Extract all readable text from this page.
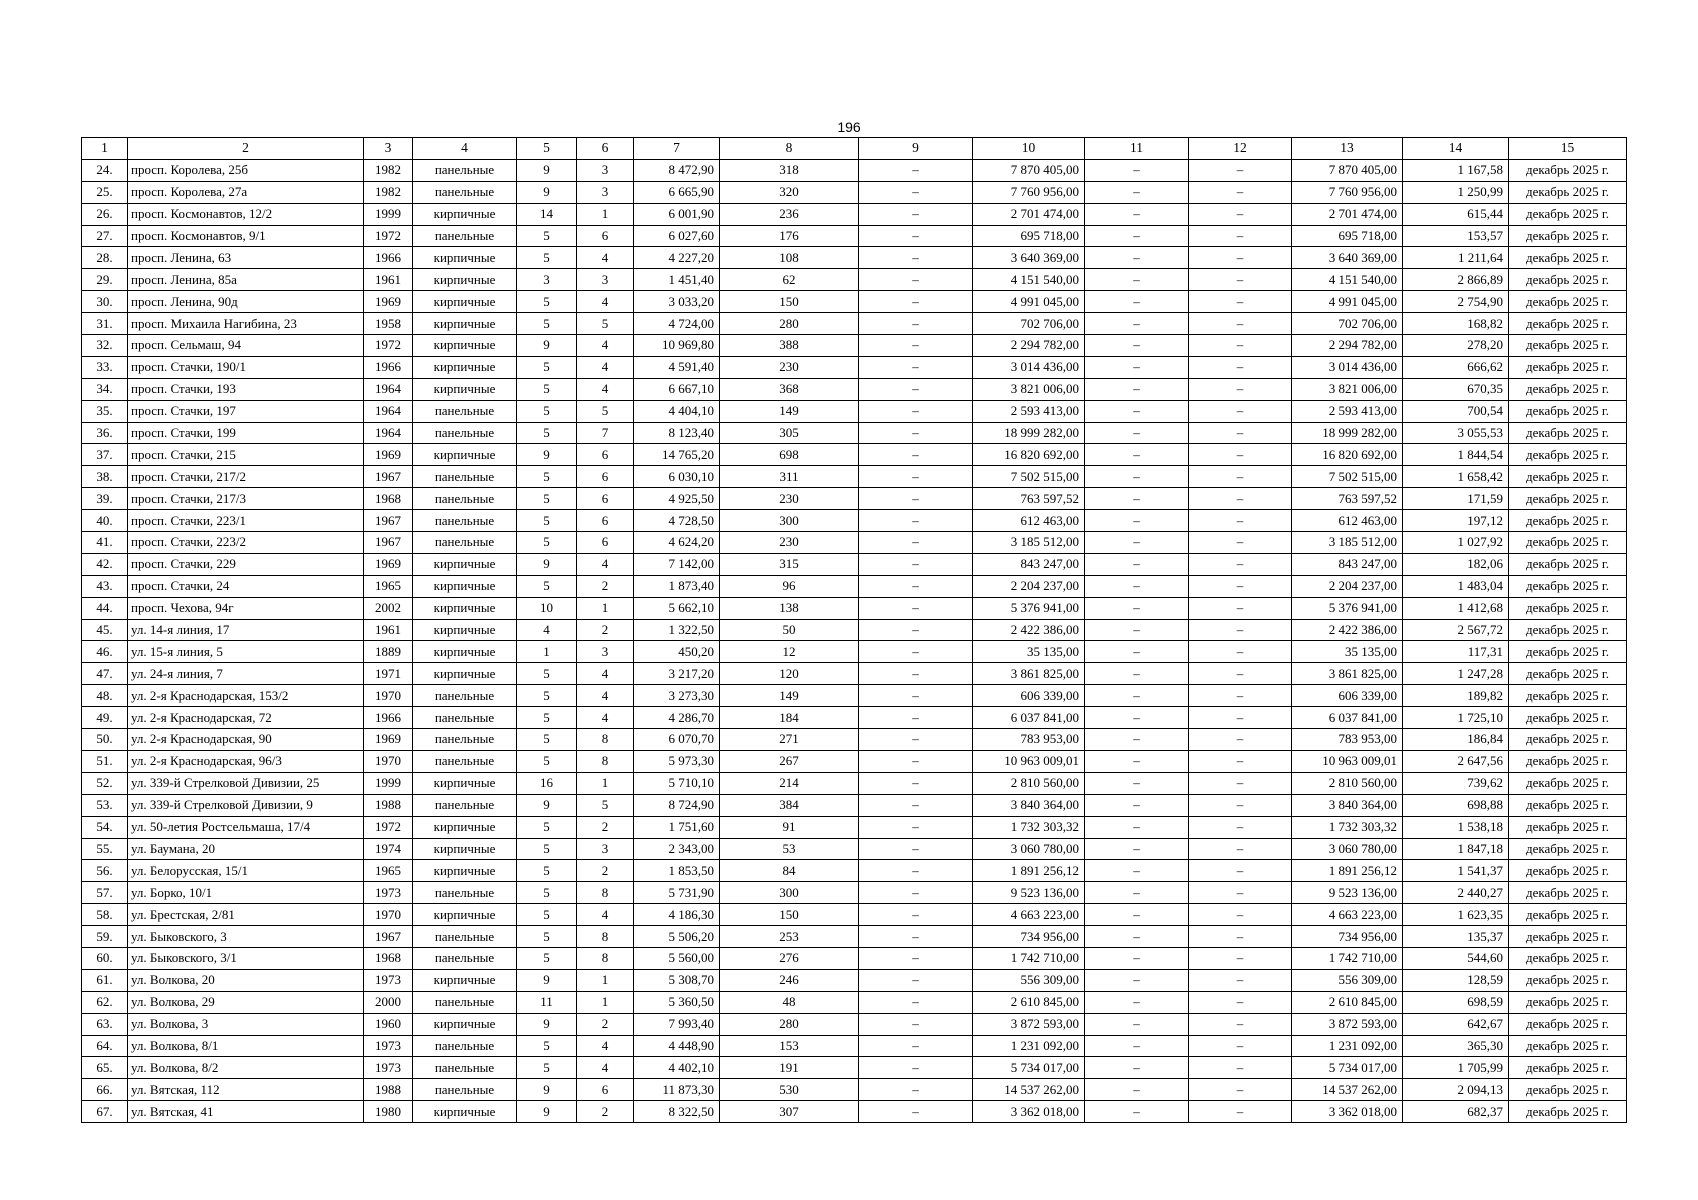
196
1	2	3	4	5	6	7	8	9	10	11	12	13	14	15
24.	просп. Королева, 25б	1982	панельные	9	3	8 472,90	318	–	7 870 405,00	–	–	7 870 405,00	1 167,58	декабрь 2025 г.
25.	просп. Королева, 27а	1982	панельные	9	3	6 665,90	320	–	7 760 956,00	–	–	7 760 956,00	1 250,99	декабрь 2025 г.
26.	просп. Космонавтов, 12/2	1999	кирпичные	14	1	6 001,90	236	–	2 701 474,00	–	–	2 701 474,00	615,44	декабрь 2025 г.
27.	просп. Космонавтов, 9/1	1972	панельные	5	6	6 027,60	176	–	695 718,00	–	–	695 718,00	153,57	декабрь 2025 г.
28.	просп. Ленина, 63	1966	кирпичные	5	4	4 227,20	108	–	3 640 369,00	–	–	3 640 369,00	1 211,64	декабрь 2025 г.
29.	просп. Ленина, 85а	1961	кирпичные	3	3	1 451,40	62	–	4 151 540,00	–	–	4 151 540,00	2 866,89	декабрь 2025 г.
30.	просп. Ленина, 90д	1969	кирпичные	5	4	3 033,20	150	–	4 991 045,00	–	–	4 991 045,00	2 754,90	декабрь 2025 г.
31.	просп. Михаила Нагибина, 23	1958	кирпичные	5	5	4 724,00	280	–	702 706,00	–	–	702 706,00	168,82	декабрь 2025 г.
32.	просп. Сельмаш, 94	1972	кирпичные	9	4	10 969,80	388	–	2 294 782,00	–	–	2 294 782,00	278,20	декабрь 2025 г.
33.	просп. Стачки, 190/1	1966	кирпичные	5	4	4 591,40	230	–	3 014 436,00	–	–	3 014 436,00	666,62	декабрь 2025 г.
34.	просп. Стачки, 193	1964	кирпичные	5	4	6 667,10	368	–	3 821 006,00	–	–	3 821 006,00	670,35	декабрь 2025 г.
35.	просп. Стачки, 197	1964	панельные	5	5	4 404,10	149	–	2 593 413,00	–	–	2 593 413,00	700,54	декабрь 2025 г.
36.	просп. Стачки, 199	1964	панельные	5	7	8 123,40	305	–	18 999 282,00	–	–	18 999 282,00	3 055,53	декабрь 2025 г.
37.	просп. Стачки, 215	1969	кирпичные	9	6	14 765,20	698	–	16 820 692,00	–	–	16 820 692,00	1 844,54	декабрь 2025 г.
38.	просп. Стачки, 217/2	1967	панельные	5	6	6 030,10	311	–	7 502 515,00	–	–	7 502 515,00	1 658,42	декабрь 2025 г.
39.	просп. Стачки, 217/3	1968	панельные	5	6	4 925,50	230	–	763 597,52	–	–	763 597,52	171,59	декабрь 2025 г.
40.	просп. Стачки, 223/1	1967	панельные	5	6	4 728,50	300	–	612 463,00	–	–	612 463,00	197,12	декабрь 2025 г.
41.	просп. Стачки, 223/2	1967	панельные	5	6	4 624,20	230	–	3 185 512,00	–	–	3 185 512,00	1 027,92	декабрь 2025 г.
42.	просп. Стачки, 229	1969	кирпичные	9	4	7 142,00	315	–	843 247,00	–	–	843 247,00	182,06	декабрь 2025 г.
43.	просп. Стачки, 24	1965	кирпичные	5	2	1 873,40	96	–	2 204 237,00	–	–	2 204 237,00	1 483,04	декабрь 2025 г.
44.	просп. Чехова, 94г	2002	кирпичные	10	1	5 662,10	138	–	5 376 941,00	–	–	5 376 941,00	1 412,68	декабрь 2025 г.
45.	ул. 14-я линия, 17	1961	кирпичные	4	2	1 322,50	50	–	2 422 386,00	–	–	2 422 386,00	2 567,72	декабрь 2025 г.
46.	ул. 15-я линия, 5	1889	кирпичные	1	3	450,20	12	–	35 135,00	–	–	35 135,00	117,31	декабрь 2025 г.
47.	ул. 24-я линия, 7	1971	кирпичные	5	4	3 217,20	120	–	3 861 825,00	–	–	3 861 825,00	1 247,28	декабрь 2025 г.
48.	ул. 2-я Краснодарская, 153/2	1970	панельные	5	4	3 273,30	149	–	606 339,00	–	–	606 339,00	189,82	декабрь 2025 г.
49.	ул. 2-я Краснодарская, 72	1966	панельные	5	4	4 286,70	184	–	6 037 841,00	–	–	6 037 841,00	1 725,10	декабрь 2025 г.
50.	ул. 2-я Краснодарская, 90	1969	панельные	5	8	6 070,70	271	–	783 953,00	–	–	783 953,00	186,84	декабрь 2025 г.
51.	ул. 2-я Краснодарская, 96/3	1970	панельные	5	8	5 973,30	267	–	10 963 009,01	–	–	10 963 009,01	2 647,56	декабрь 2025 г.
52.	ул. 339-й Стрелковой Дивизии, 25	1999	кирпичные	16	1	5 710,10	214	–	2 810 560,00	–	–	2 810 560,00	739,62	декабрь 2025 г.
53.	ул. 339-й Стрелковой Дивизии, 9	1988	панельные	9	5	8 724,90	384	–	3 840 364,00	–	–	3 840 364,00	698,88	декабрь 2025 г.
54.	ул. 50-летия Ростсельмаша, 17/4	1972	кирпичные	5	2	1 751,60	91	–	1 732 303,32	–	–	1 732 303,32	1 538,18	декабрь 2025 г.
55.	ул. Баумана, 20	1974	кирпичные	5	3	2 343,00	53	–	3 060 780,00	–	–	3 060 780,00	1 847,18	декабрь 2025 г.
56.	ул. Белорусская, 15/1	1965	кирпичные	5	2	1 853,50	84	–	1 891 256,12	–	–	1 891 256,12	1 541,37	декабрь 2025 г.
57.	ул. Борко, 10/1	1973	панельные	5	8	5 731,90	300	–	9 523 136,00	–	–	9 523 136,00	2 440,27	декабрь 2025 г.
58.	ул. Брестская, 2/81	1970	кирпичные	5	4	4 186,30	150	–	4 663 223,00	–	–	4 663 223,00	1 623,35	декабрь 2025 г.
59.	ул. Быковского, 3	1967	панельные	5	8	5 506,20	253	–	734 956,00	–	–	734 956,00	135,37	декабрь 2025 г.
60.	ул. Быковского, 3/1	1968	панельные	5	8	5 560,00	276	–	1 742 710,00	–	–	1 742 710,00	544,60	декабрь 2025 г.
61.	ул. Волкова, 20	1973	кирпичные	9	1	5 308,70	246	–	556 309,00	–	–	556 309,00	128,59	декабрь 2025 г.
62.	ул. Волкова, 29	2000	панельные	11	1	5 360,50	48	–	2 610 845,00	–	–	2 610 845,00	698,59	декабрь 2025 г.
63.	ул. Волкова, 3	1960	кирпичные	9	2	7 993,40	280	–	3 872 593,00	–	–	3 872 593,00	642,67	декабрь 2025 г.
64.	ул. Волкова, 8/1	1973	панельные	5	4	4 448,90	153	–	1 231 092,00	–	–	1 231 092,00	365,30	декабрь 2025 г.
65.	ул. Волкова, 8/2	1973	панельные	5	4	4 402,10	191	–	5 734 017,00	–	–	5 734 017,00	1 705,99	декабрь 2025 г.
66.	ул. Вятская, 112	1988	панельные	9	6	11 873,30	530	–	14 537 262,00	–	–	14 537 262,00	2 094,13	декабрь 2025 г.
67.	ул. Вятская, 41	1980	кирпичные	9	2	8 322,50	307	–	3 362 018,00	–	–	3 362 018,00	682,37	декабрь 2025 г.
